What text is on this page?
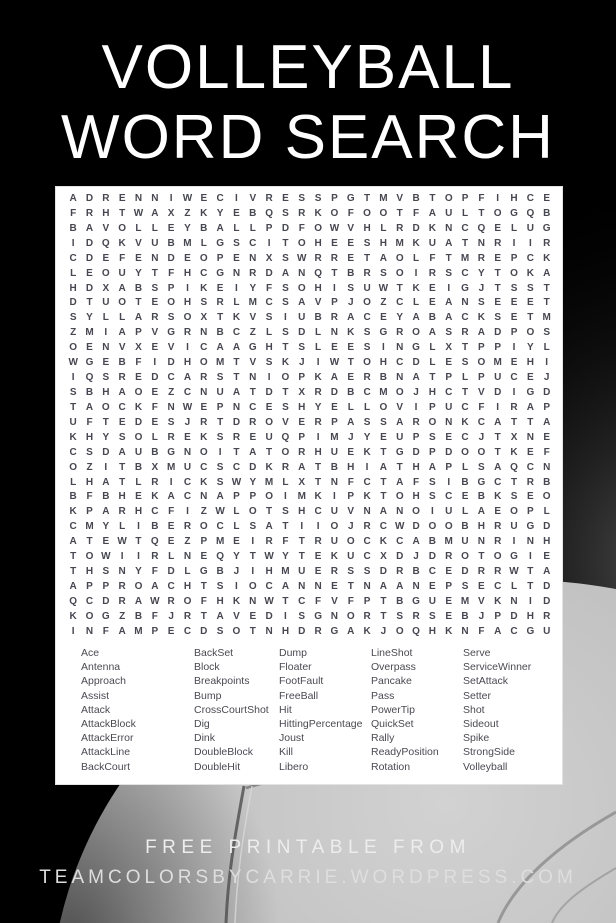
VOLLEYBALL
WORD SEARCH
A D R E N N	I	W E C	I	V R E S S P G T M V B T O P F	I	H C E
F R H T W A X Z K Y E B Q S R K O F O O T	F A U L	T O G Q B
B A V O L	L E Y B A L	L P D F O W V H L R D K N C Q E L U G
I	D Q K V U B M L G S C	I	T O H E E S H M K U A T N R	I	I	R
C D E F E N D E O P E N X S W R R E T A O L	F	T M R E P C K
L E O U Y T	F H C G N R D A N Q T B R S O	I	R S C Y T O K A
H D X A B S P	I	K E	I	Y F S O H	I	S U W T K E	I	G J	T S S T
D T U O T E O H S R L M C S A V P	J O Z C L E A N S E E E T
S Y L	L A R S O X T K V S	I	U B R A C E Y A B A C K S E T M
Z M	I	A P V G R N B C Z	L S D L N K S G R O A S R A D P O S
O E N V X E V	I	C A A G H T S L E E S	I	N G L X T P P	I	Y L
W G E B F	I	D H O M T V S K J	I	W T O H C D L E S O M E H	I
I	Q S R E D C A R S T N	I	O P K A E R B N A T P L P U C E	J
S B H A O E Z C N U A T D T X R D B C M O J H C T V D	I	G D
T A O C K F N W E P N C E S H Y E L	L O V	I	P U C F	I	R A P
U F	T E D E S	J R T D R O V E R P A S S A R O N K C A T	T A
K H Y S O L R E K S R E U Q P	I	M J	Y E U P S E C J	T X N E
C S D A U B G N O	I	T A T O R H U E K T G D P D O O T K E F
O Z	I	T B X M U C S C D K R A T B H	I	A T H A P L S A Q C N
L H A T	L R	I	C K S W Y M L X T N F C T A F S	I	B G C T R B
B F B H E K A C N A P P O	I	M K	I	P K T O H S C E B K S E O
K P A R H C F	I	Z W L O T S H C U V N A N O	I	U L A E O P L
C M Y L	I	B E R O C L S A T	I	I	O J R C W D O O B H R U G D
A T E W T Q E Z P M E	I	R F	T R U O C K C A B M U N R	I	N H
T O W	I	I	R L N E Q Y T W Y T E K U C X D J D R O T O G	I	E
T H S N Y F D L G B J	I	H M U E R S S D R B C E D R R W T A
A P P R O A C H T S	I	O C A N N E T N A A N E P S E C L	T D
Q C D R A W R O F H K N W T C F V F P T B G U E M V K N	I	D
K O G Z B F	J R T A V E D	I	S G N O R T S R S E B J	P D H R
I	N F A M P E C D S O T N H D R G A K J O Q H K N F A C G U
Ace
Antenna
Approach
Assist
Attack
AttackBlock
AttackError
AttackLine
BackCourt
BackSet
Block
Breakpoints
Bump
CrossCourtShot
Dig
Dink
DoubleBlock
DoubleHit
Dump
Floater
FootFault
FreeBall
Hit
HittingPercentage
Joust
Kill
Libero
LineShot
Overpass
Pancake
Pass
PowerTip
QuickSet
Rally
ReadyPosition
Rotation
Serve
ServiceWinner
SetAttack
Setter
Shot
Sideout
Spike
StrongSide
Volleyball
FREE PRINTABLE FROM
TEAMCOLORSBYCARRIE.WORDPRESS.COM
